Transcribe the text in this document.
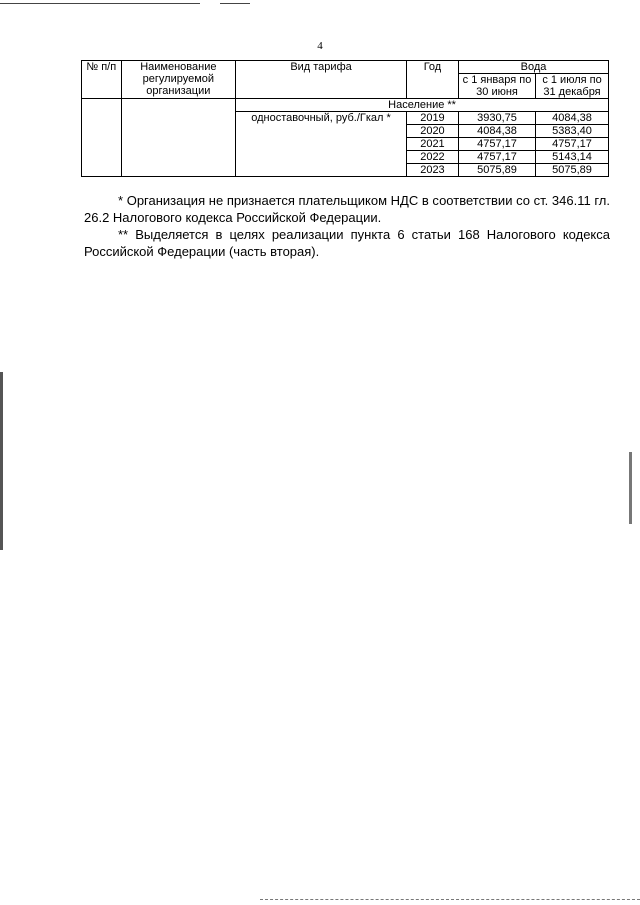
4
№ п/п	Наименование регулируемой организации	Вид тарифа	Год	Вода	
				с 1 января по 30 июня	с 1 июля по 31 декабря
		Население **			
		одноставочный, руб./Гкал *	2019	3930,75	4084,38
			2020	4084,38	5383,40
			2021	4757,17	4757,17
			2022	4757,17	5143,14
			2023	5075,89	5075,89

* Организация не признается плательщиком НДС в соответствии со ст. 346.11 гл. 26.2 Налогового кодекса Российской Федерации.

** Выделяется в целях реализации пункта 6 статьи 168 Налогового кодекса Российской Федерации (часть вторая).
